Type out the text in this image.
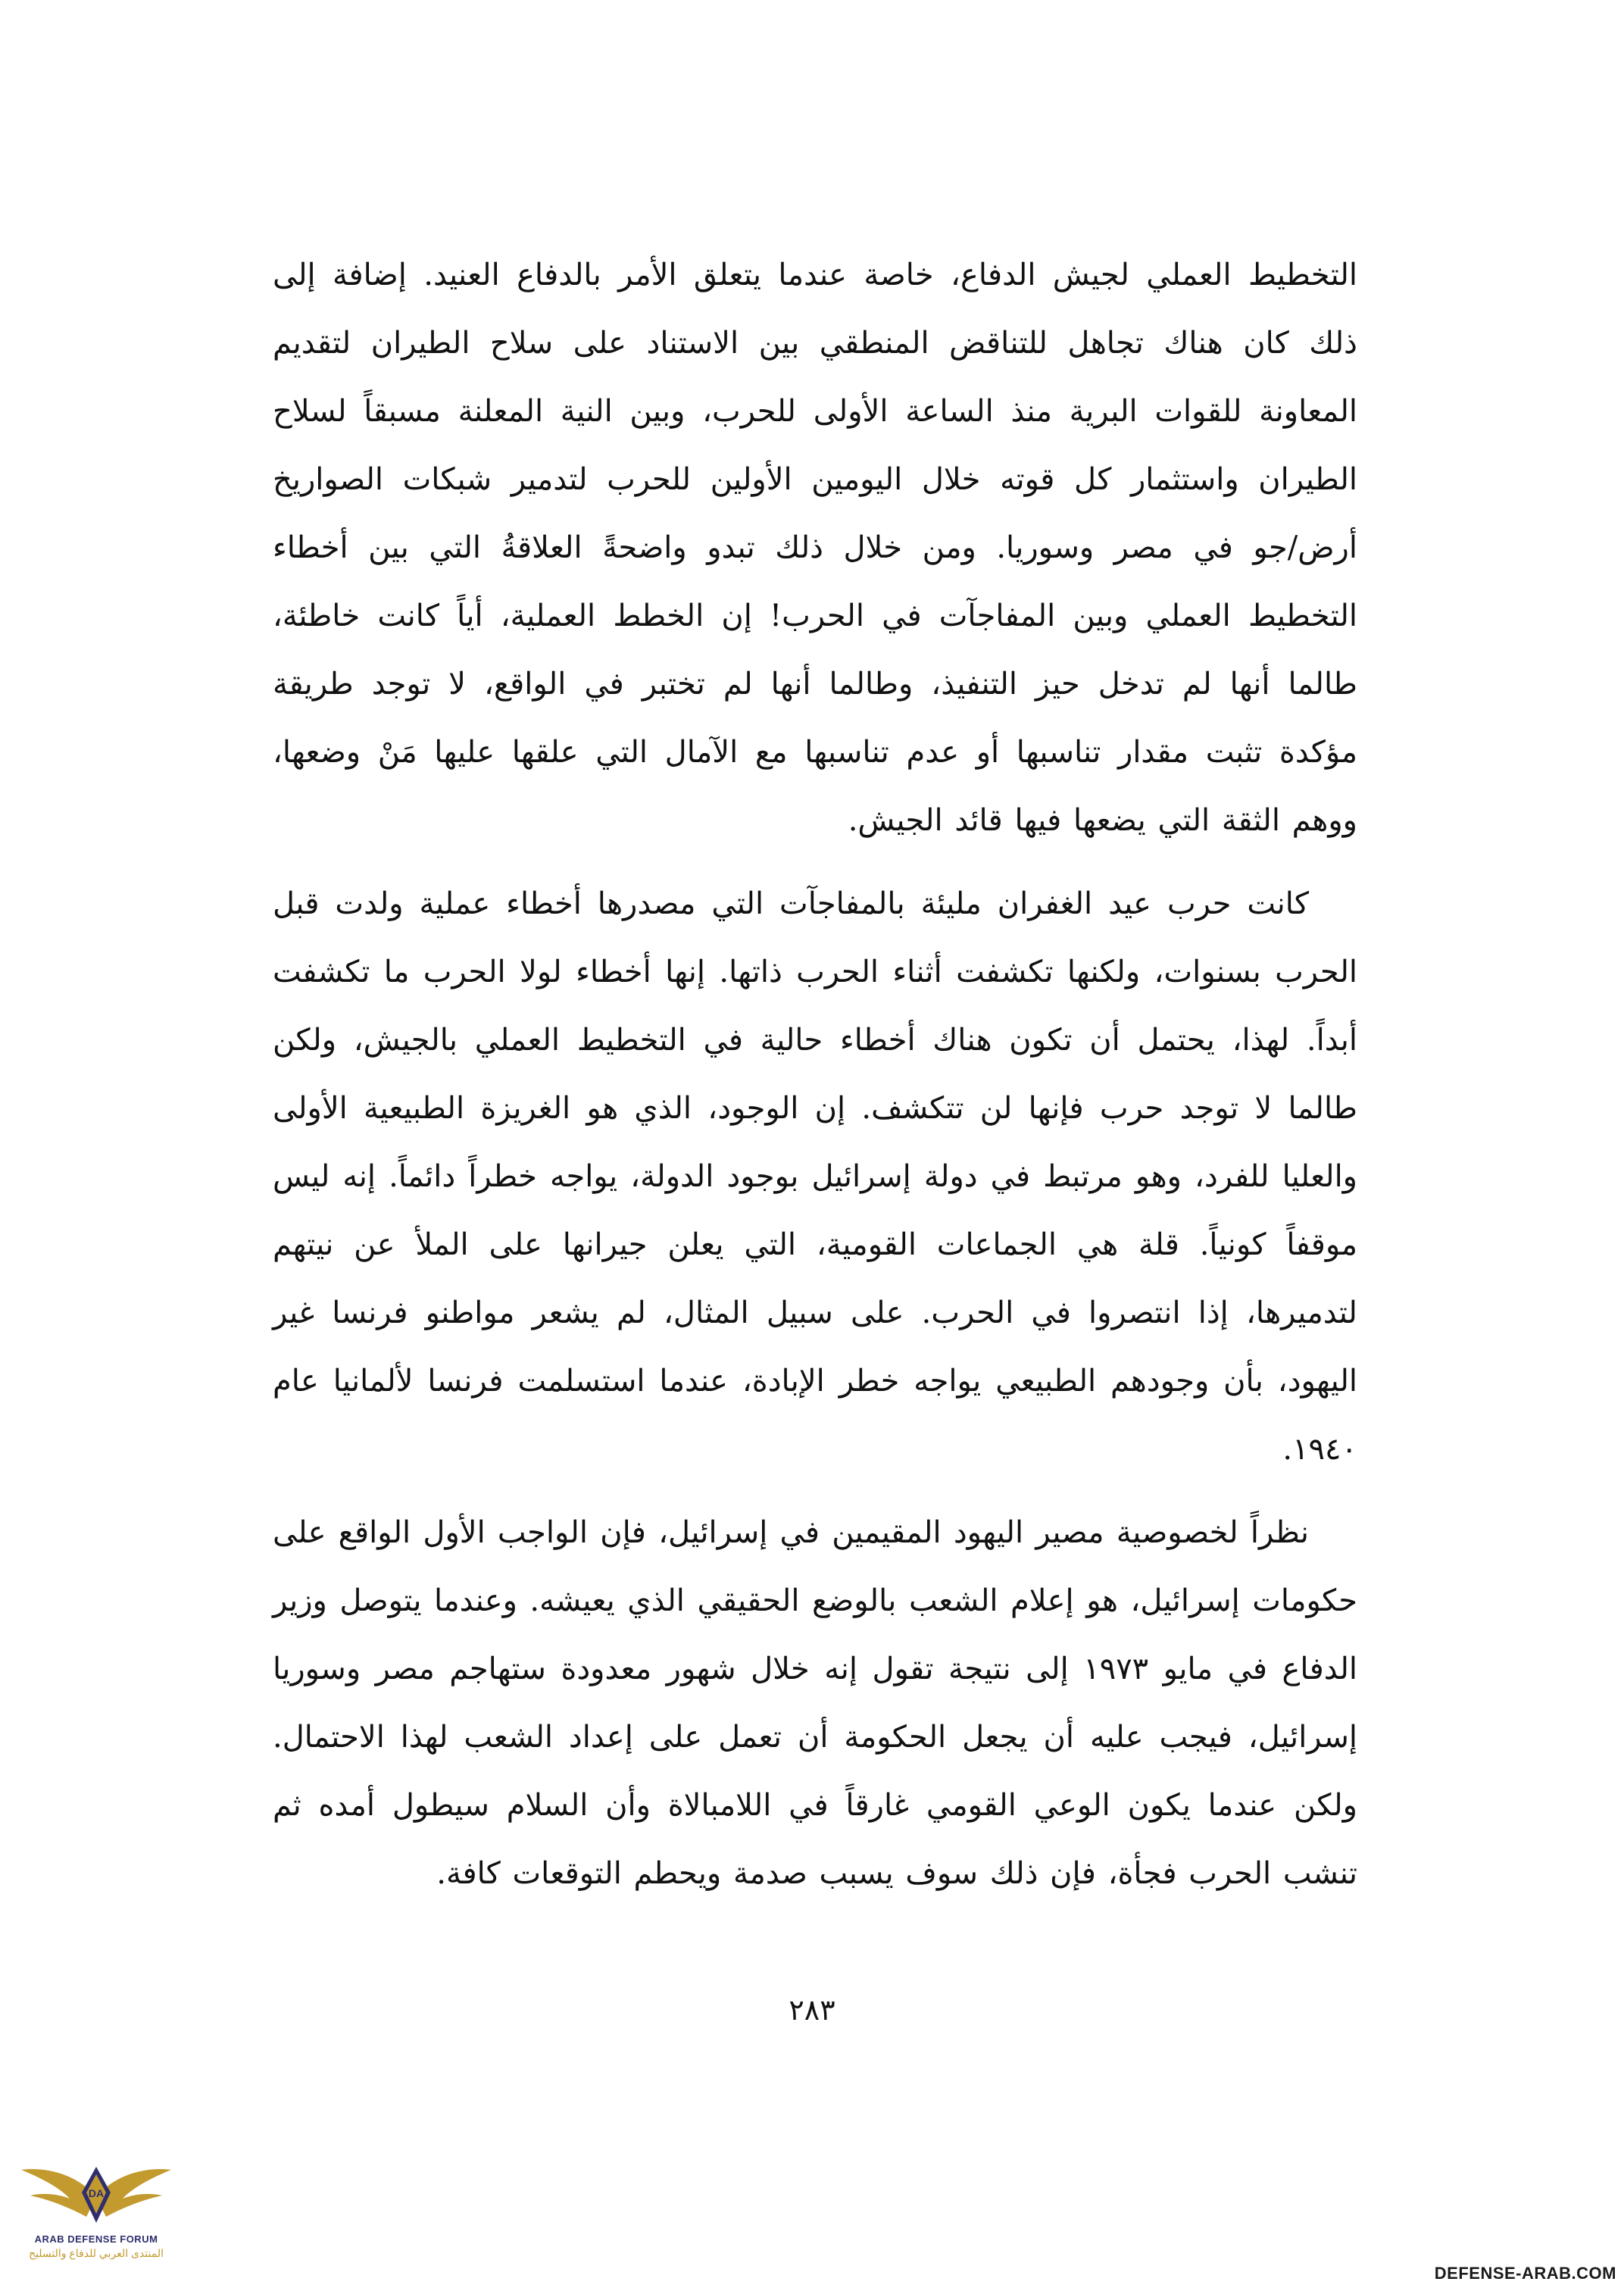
التخطيط العملي لجيش الدفاع، خاصة عندما يتعلق الأمر بالدفاع العنيد. إضافة إلى ذلك كان هناك تجاهل للتناقض المنطقي بين الاستناد على سلاح الطيران لتقديم المعاونة للقوات البرية منذ الساعة الأولى للحرب، وبين النية المعلنة مسبقاً لسلاح الطيران واستثمار كل قوته خلال اليومين الأولين للحرب لتدمير شبكات الصواريخ أرض/جو في مصر وسوريا. ومن خلال ذلك تبدو واضحةً العلاقةُ التي بين أخطاء التخطيط العملي وبين المفاجآت في الحرب! إن الخطط العملية، أياً كانت خاطئة، طالما أنها لم تدخل حيز التنفيذ، وطالما أنها لم تختبر في الواقع، لا توجد طريقة مؤكدة تثبت مقدار تناسبها أو عدم تناسبها مع الآمال التي علقها عليها مَنْ وضعها، ووهم الثقة التي يضعها فيها قائد الجيش.

كانت حرب عيد الغفران مليئة بالمفاجآت التي مصدرها أخطاء عملية ولدت قبل الحرب بسنوات، ولكنها تكشفت أثناء الحرب ذاتها. إنها أخطاء لولا الحرب ما تكشفت أبداً. لهذا، يحتمل أن تكون هناك أخطاء حالية في التخطيط العملي بالجيش، ولكن طالما لا توجد حرب فإنها لن تتكشف. إن الوجود، الذي هو الغريزة الطبيعية الأولى والعليا للفرد، وهو مرتبط في دولة إسرائيل بوجود الدولة، يواجه خطراً دائماً. إنه ليس موقفاً كونياً. قلة هي الجماعات القومية، التي يعلن جيرانها على الملأ عن نيتهم لتدميرها، إذا انتصروا في الحرب. على سبيل المثال، لم يشعر مواطنو فرنسا غير اليهود، بأن وجودهم الطبيعي يواجه خطر الإبادة، عندما استسلمت فرنسا لألمانيا عام ١٩٤٠.

نظراً لخصوصية مصير اليهود المقيمين في إسرائيل، فإن الواجب الأول الواقع على حكومات إسرائيل، هو إعلام الشعب بالوضع الحقيقي الذي يعيشه. وعندما يتوصل وزير الدفاع في مايو ١٩٧٣ إلى نتيجة تقول إنه خلال شهور معدودة ستهاجم مصر وسوريا إسرائيل، فيجب عليه أن يجعل الحكومة أن تعمل على إعداد الشعب لهذا الاحتمال. ولكن عندما يكون الوعي القومي غارقاً في اللامبالاة وأن السلام سيطول أمده ثم تنشب الحرب فجأة، فإن ذلك سوف يسبب صدمة ويحطم التوقعات كافة.

٢٨٣
DA
ARAB DEFENSE FORUM
المنتدى العربي للدفاع والتسليح
DEFENSE-ARAB.COM
